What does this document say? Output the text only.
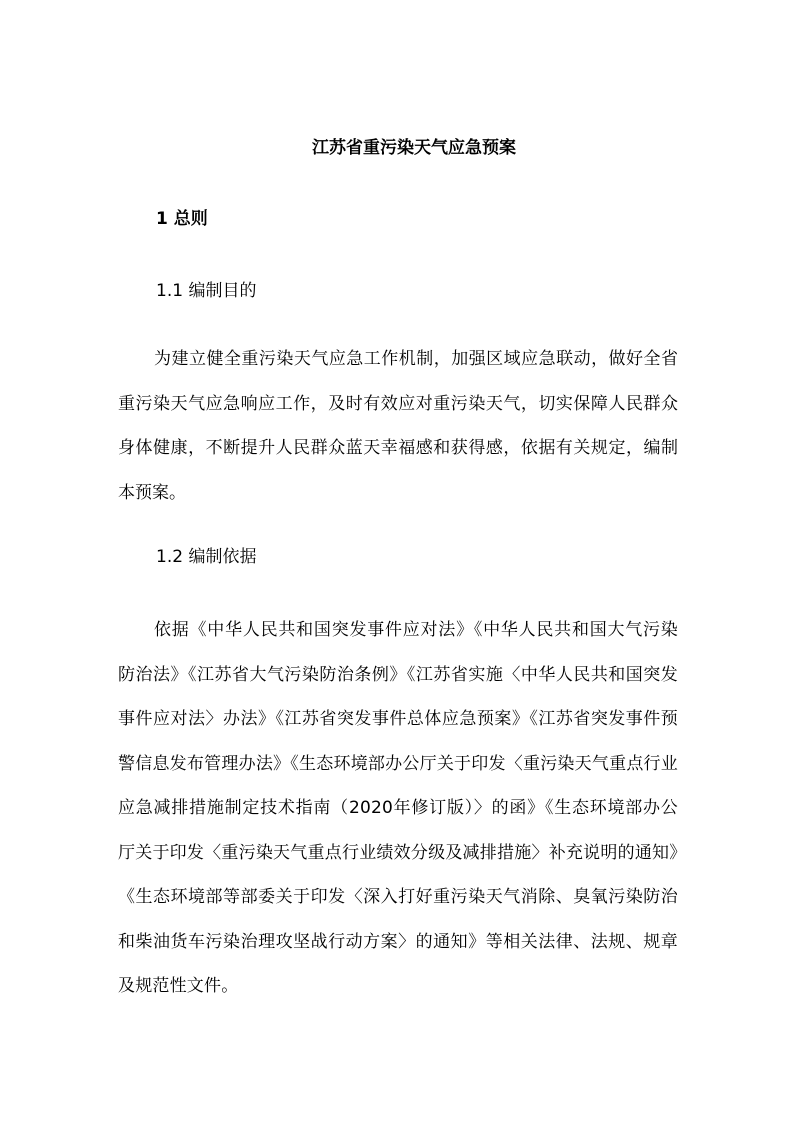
江苏省重污染天气应急预案
1 总则
1.1 编制目的

为建立健全重污染天气应急工作机制，加强区域应急联动，做好全省重污染天气应急响应工作，及时有效应对重污染天气，切实保障人民群众身体健康，不断提升人民群众蓝天幸福感和获得感，依据有关规定，编制本预案。

1.2 编制依据

依据《中华人民共和国突发事件应对法》《中华人民共和国大气污染防治法》《江苏省大气污染防治条例》《江苏省实施〈中华人民共和国突发事件应对法〉办法》《江苏省突发事件总体应急预案》《江苏省突发事件预警信息发布管理办法》《生态环境部办公厅关于印发〈重污染天气重点行业应急减排措施制定技术指南（2020年修订版）〉的函》《生态环境部办公厅关于印发〈重污染天气重点行业绩效分级及减排措施〉补充说明的通知》《生态环境部等部委关于印发〈深入打好重污染天气消除、臭氧污染防治和柴油货车污染治理攻坚战行动方案〉的通知》等相关法律、法规、规章及规范性文件。
